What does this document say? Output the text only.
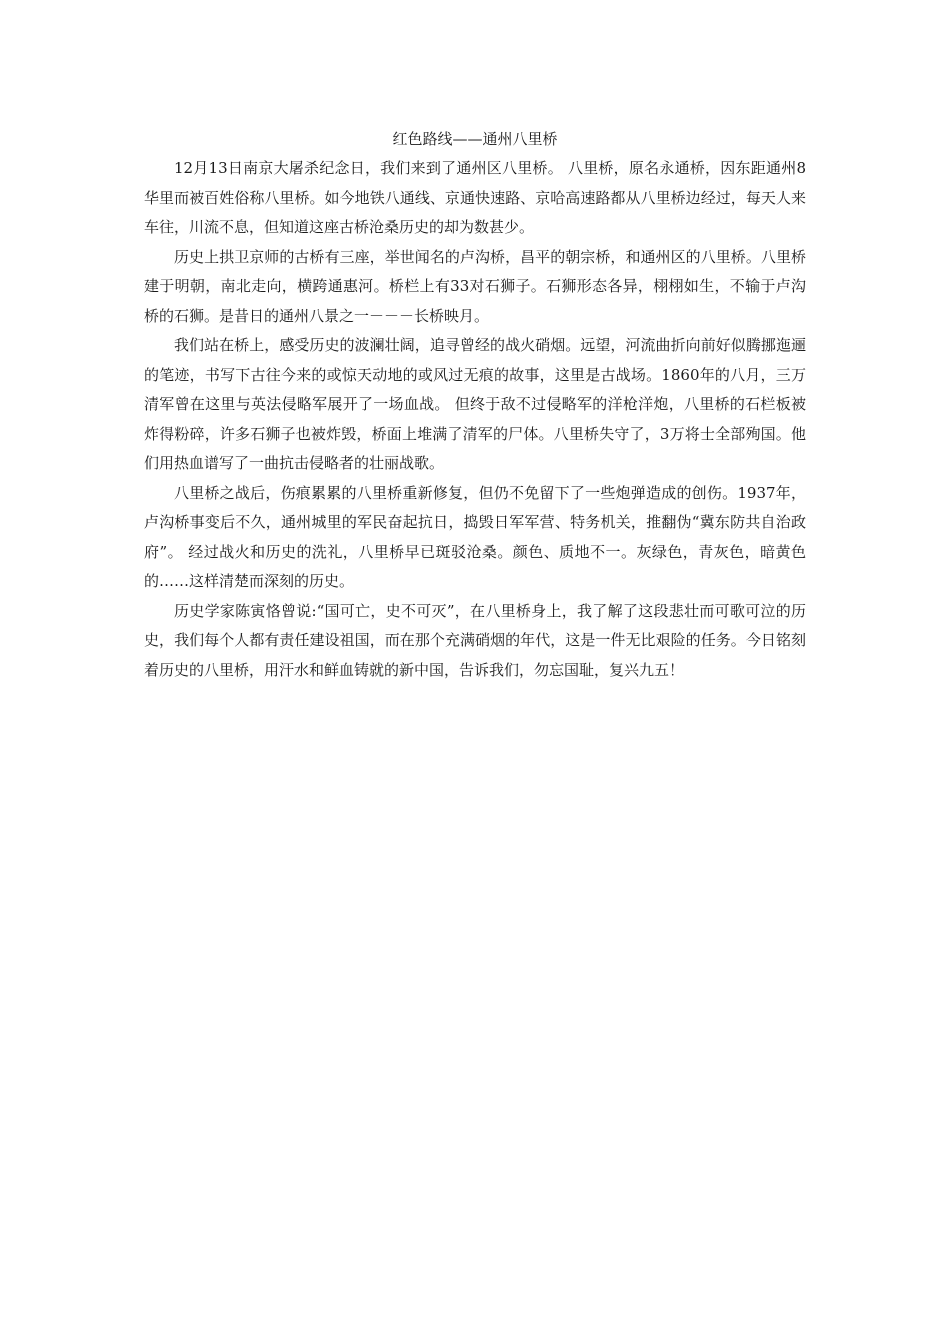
红色路线——通州八里桥

12月13日南京大屠杀纪念日，我们来到了通州区八里桥。 八里桥，原名永通桥，因东距通州8华里而被百姓俗称八里桥。如今地铁八通线、京通快速路、京哈高速路都从八里桥边经过，每天人来车往，川流不息，但知道这座古桥沧桑历史的却为数甚少。

历史上拱卫京师的古桥有三座，举世闻名的卢沟桥，昌平的朝宗桥，和通州区的八里桥。八里桥建于明朝，南北走向，横跨通惠河。桥栏上有33对石狮子。石狮形态各异，栩栩如生，不输于卢沟桥的石狮。是昔日的通州八景之一－－－长桥映月。

我们站在桥上，感受历史的波澜壮阔，追寻曾经的战火硝烟。远望，河流曲折向前好似腾挪迤逦的笔迹，书写下古往今来的或惊天动地的或风过无痕的故事，这里是古战场。1860年的八月，三万清军曾在这里与英法侵略军展开了一场血战。 但终于敌不过侵略军的洋枪洋炮，八里桥的石栏板被炸得粉碎，许多石狮子也被炸毁，桥面上堆满了清军的尸体。八里桥失守了，3万将士全部殉国。他们用热血谱写了一曲抗击侵略者的壮丽战歌。

八里桥之战后，伤痕累累的八里桥重新修复，但仍不免留下了一些炮弹造成的创伤。1937年，卢沟桥事变后不久，通州城里的军民奋起抗日，捣毁日军军营、特务机关，推翻伪“冀东防共自治政府”。 经过战火和历史的洗礼，八里桥早已斑驳沧桑。颜色、质地不一。灰绿色，青灰色，暗黄色的……这样清楚而深刻的历史。

历史学家陈寅恪曾说:“国可亡，史不可灭”，在八里桥身上，我了解了这段悲壮而可歌可泣的历史，我们每个人都有责任建设祖国，而在那个充满硝烟的年代，这是一件无比艰险的任务。今日铭刻着历史的八里桥，用汗水和鲜血铸就的新中国，告诉我们，勿忘国耻，复兴九五！
